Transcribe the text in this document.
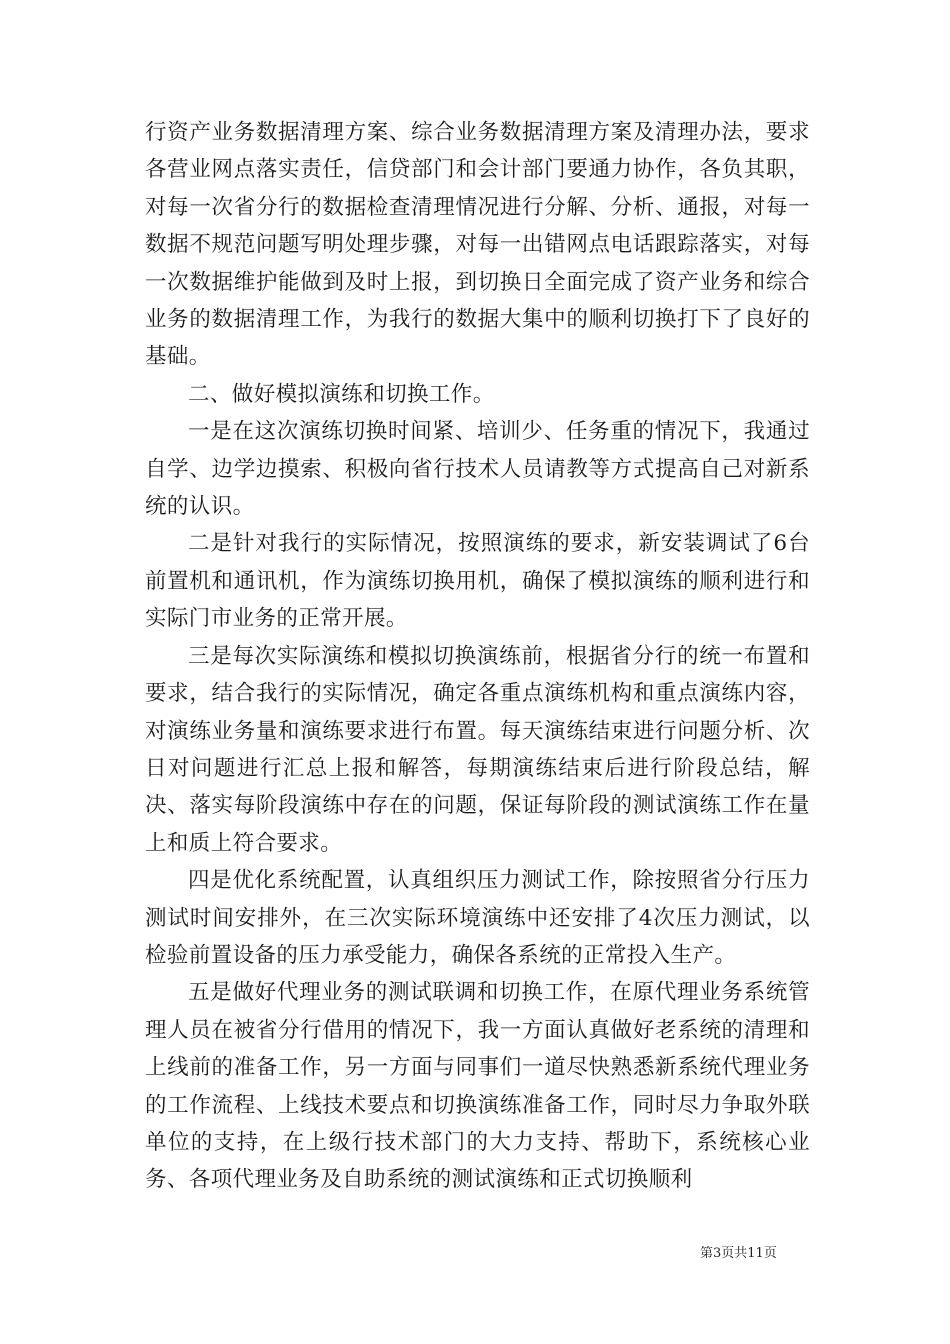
行资产业务数据清理方案、综合业务数据清理方案及清理办法，要求各营业网点落实责任，信贷部门和会计部门要通力协作，各负其职，对每一次省分行的数据检查清理情况进行分解、分析、通报，对每一数据不规范问题写明处理步骤，对每一出错网点电话跟踪落实，对每一次数据维护能做到及时上报，到切换日全面完成了资产业务和综合业务的数据清理工作，为我行的数据大集中的顺利切换打下了良好的基础。

二、做好模拟演练和切换工作。

一是在这次演练切换时间紧、培训少、任务重的情况下，我通过自学、边学边摸索、积极向省行技术人员请教等方式提高自己对新系统的认识。

二是针对我行的实际情况，按照演练的要求，新安装调试了6台前置机和通讯机，作为演练切换用机，确保了模拟演练的顺利进行和实际门市业务的正常开展。

三是每次实际演练和模拟切换演练前，根据省分行的统一布置和要求，结合我行的实际情况，确定各重点演练机构和重点演练内容，对演练业务量和演练要求进行布置。每天演练结束进行问题分析、次日对问题进行汇总上报和解答，每期演练结束后进行阶段总结，解决、落实每阶段演练中存在的问题，保证每阶段的测试演练工作在量上和质上符合要求。

四是优化系统配置，认真组织压力测试工作，除按照省分行压力测试时间安排外，在三次实际环境演练中还安排了4次压力测试，以检验前置设备的压力承受能力，确保各系统的正常投入生产。

五是做好代理业务的测试联调和切换工作，在原代理业务系统管理人员在被省分行借用的情况下，我一方面认真做好老系统的清理和上线前的准备工作，另一方面与同事们一道尽快熟悉新系统代理业务的工作流程、上线技术要点和切换演练准备工作，同时尽力争取外联单位的支持，在上级行技术部门的大力支持、帮助下，系统核心业务、各项代理业务及自助系统的测试演练和正式切换顺利

第3页共11页
